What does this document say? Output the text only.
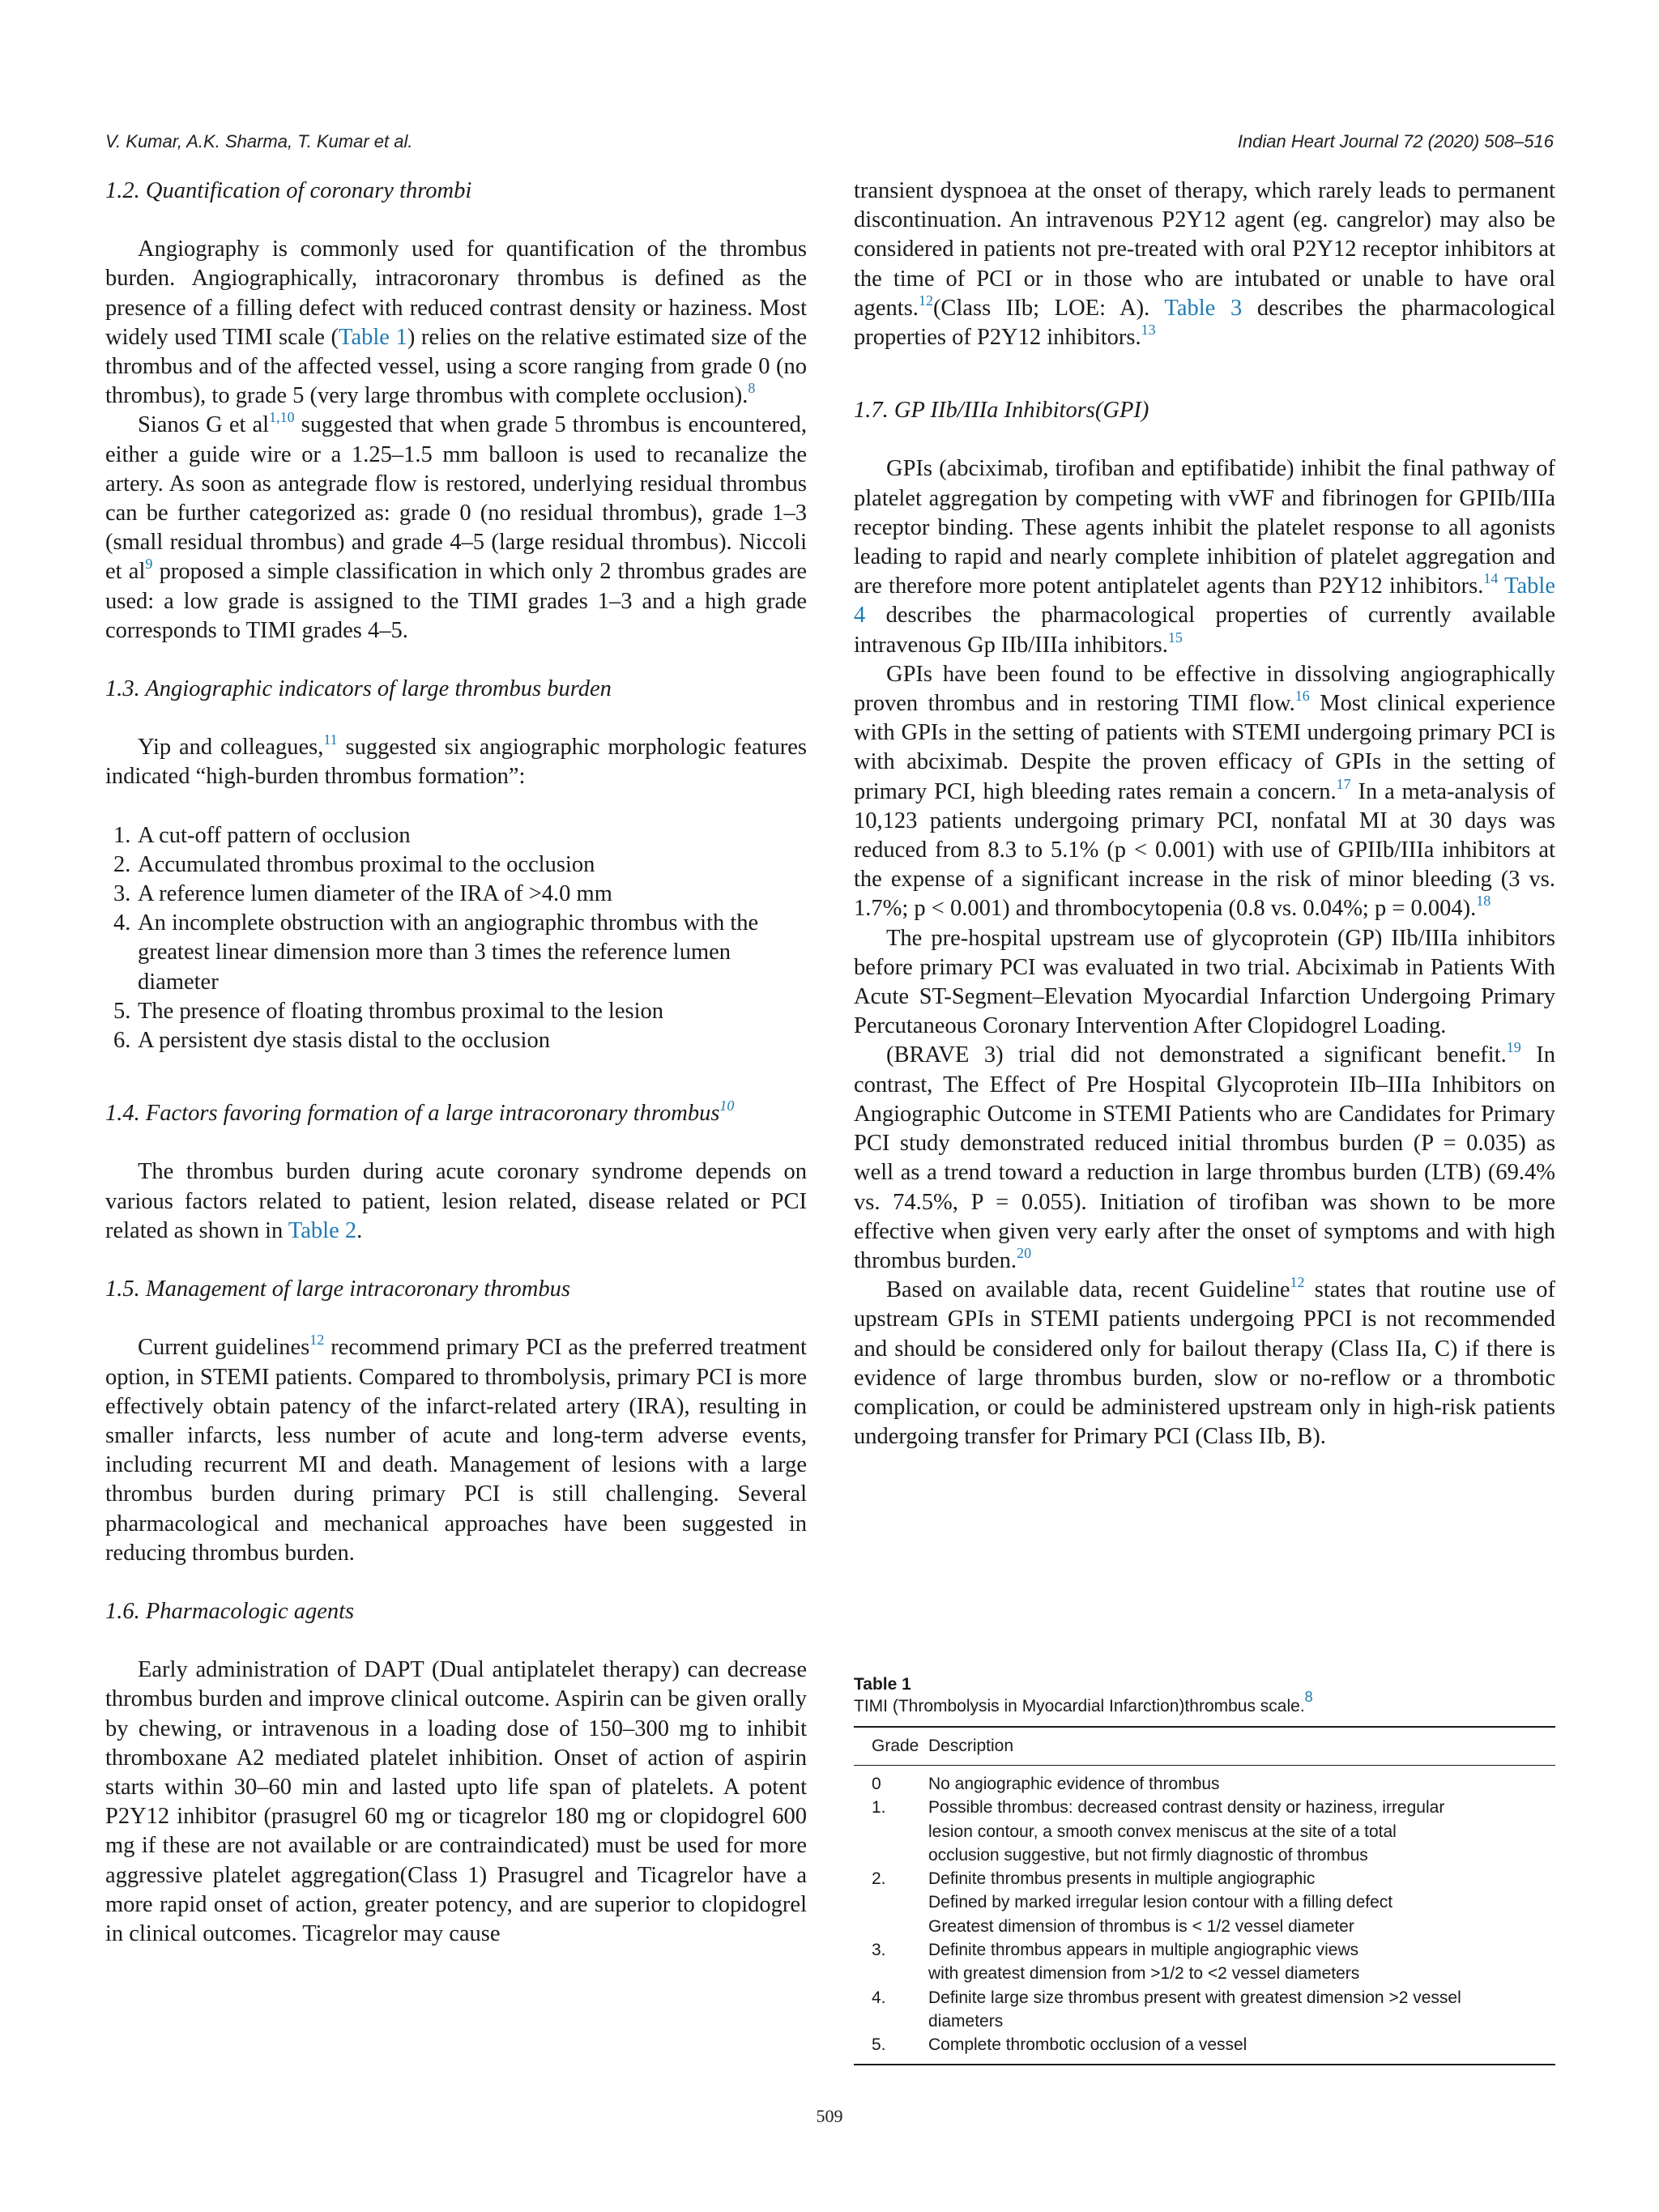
V. Kumar, A.K. Sharma, T. Kumar et al.	Indian Heart Journal 72 (2020) 508–516
1.2. Quantification of coronary thrombi

Angiography is commonly used for quantification of the thrombus burden. Angiographically, intracoronary thrombus is defined as the presence of a filling defect with reduced contrast density or haziness. Most widely used TIMI scale (Table 1) relies on the relative estimated size of the thrombus and of the affected vessel, using a score ranging from grade 0 (no thrombus), to grade 5 (very large thrombus with complete occlusion).$^8$

Sianos G et al$^{1,10}$ suggested that when grade 5 thrombus is encountered, either a guide wire or a 1.25–1.5 mm balloon is used to recanalize the artery. As soon as antegrade flow is restored, underlying residual thrombus can be further categorized as: grade 0 (no residual thrombus), grade 1–3 (small residual thrombus) and grade 4–5 (large residual thrombus). Niccoli et $al^9$ proposed a simple classification in which only 2 thrombus grades are used: a low grade is assigned to the TIMI grades 1–3 and a high grade corresponds to TIMI grades 4–5.

1.3. Angiographic indicators of large thrombus burden

Yip and colleagues,$^{11}$ suggested six angiographic morphologic features indicated “high-burden thrombus formation”:

1. A cut-off pattern of occlusion
2. Accumulated thrombus proximal to the occlusion
3. A reference lumen diameter of the IRA of >4.0 mm
4. An incomplete obstruction with an angiographic thrombus with the greatest linear dimension more than 3 times the reference lumen diameter
5. The presence of floating thrombus proximal to the lesion
6. A persistent dye stasis distal to the occlusion
1.4. Factors favoring formation of a large intracoronary thrombus$^{10}$

The thrombus burden during acute coronary syndrome depends on various factors related to patient, lesion related, disease related or PCI related as shown in Table 2.

1.5. Management of large intracoronary thrombus

Current guidelines$^{12}$ recommend primary PCI as the preferred treatment option, in STEMI patients. Compared to thrombolysis, primary PCI is more effectively obtain patency of the infarct-related artery (IRA), resulting in smaller infarcts, less number of acute and long-term adverse events, including recurrent MI and death. Management of lesions with a large thrombus burden during primary PCI is still challenging. Several pharmacological and mechanical approaches have been suggested in reducing thrombus burden.

1.6. Pharmacologic agents

Early administration of DAPT (Dual antiplatelet therapy) can decrease thrombus burden and improve clinical outcome. Aspirin can be given orally by chewing, or intravenous in a loading dose of 150–300 mg to inhibit thromboxane A2 mediated platelet inhibition. Onset of action of aspirin starts within 30–60 min and lasted upto life span of platelets. A potent P2Y12 inhibitor (prasugrel 60 mg or ticagrelor 180 mg or clopidogrel 600 mg if these are not available or are contraindicated) must be used for more aggressive platelet aggregation(Class 1) Prasugrel and Ticagrelor have a more rapid onset of action, greater potency, and are superior to clopidogrel in clinical outcomes. Ticagrelor may cause

transient dyspnoea at the onset of therapy, which rarely leads to permanent discontinuation. An intravenous P2Y12 agent (eg. cangrelor) may also be considered in patients not pre-treated with oral P2Y12 receptor inhibitors at the time of PCI or in those who are intubated or unable to have oral agents.$^{12}$(Class IIb; LOE: A). Table 3 describes the pharmacological properties of P2Y12 inhibitors.$^{13}$

1.7. GP IIb/IIIa Inhibitors(GPI)

GPIs (abciximab, tirofiban and eptifibatide) inhibit the final pathway of platelet aggregation by competing with vWF and fibrinogen for GPIIb/IIIa receptor binding. These agents inhibit the platelet response to all agonists leading to rapid and nearly complete inhibition of platelet aggregation and are therefore more potent antiplatelet agents than P2Y12 inhibitors.$^{14}$ Table 4 describes the pharmacological properties of currently available intravenous Gp IIb/IIIa inhibitors.$^{15}$

GPIs have been found to be effective in dissolving angiographically proven thrombus and in restoring TIMI flow.$^{16}$ Most clinical experience with GPIs in the setting of patients with STEMI undergoing primary PCI is with abciximab. Despite the proven efficacy of GPIs in the setting of primary PCI, high bleeding rates remain a concern.$^{17}$ In a meta-analysis of 10,123 patients undergoing primary PCI, nonfatal MI at 30 days was reduced from 8.3 to 5.1% (p < 0.001) with use of GPIIb/IIIa inhibitors at the expense of a significant increase in the risk of minor bleeding (3 vs. 1.7%; p < 0.001) and thrombocytopenia (0.8 vs. 0.04%; p = 0.004).$^{18}$

The pre-hospital upstream use of glycoprotein (GP) IIb/IIIa inhibitors before primary PCI was evaluated in two trial. Abciximab in Patients With Acute ST-Segment–Elevation Myocardial Infarction Undergoing Primary Percutaneous Coronary Intervention After Clopidogrel Loading.

(BRAVE 3) trial did not demonstrated a significant benefit.$^{19}$ In contrast, The Effect of Pre Hospital Glycoprotein IIb–IIIa Inhibitors on Angiographic Outcome in STEMI Patients who are Candidates for Primary PCI study demonstrated reduced initial thrombus burden (P = 0.035) as well as a trend toward a reduction in large thrombus burden (LTB) (69.4% vs. 74.5%, P = 0.055). Initiation of tirofiban was shown to be more effective when given very early after the onset of symptoms and with high thrombus burden.$^{20}$

Based on available data, recent Guideline$^{12}$ states that routine use of upstream GPIs in STEMI patients undergoing PPCI is not recommended and should be considered only for bailout therapy (Class IIa, C) if there is evidence of large thrombus burden, slow or no-reflow or a thrombotic complication, or could be administered upstream only in high-risk patients undergoing transfer for Primary PCI (Class IIb, B).

Table 1
TIMI (Thrombolysis in Myocardial Infarction)thrombus scale.$^8$
Grade Description
0	No angiographic evidence of thrombus
1.	Possible thrombus: decreased contrast density or haziness, irregular
lesion contour, a smooth convex meniscus at the site of a total
occlusion suggestive, but not firmly diagnostic of thrombus
2.	Definite thrombus presents in multiple angiographic
Defined by marked irregular lesion contour with a filling defect
Greatest dimension of thrombus is < 1/2 vessel diameter
3.	Definite thrombus appears in multiple angiographic views
with greatest dimension from >1/2 to <2 vessel diameters
4.	Definite large size thrombus present with greatest dimension >2 vessel
diameters
5.	Complete thrombotic occlusion of a vessel
509
